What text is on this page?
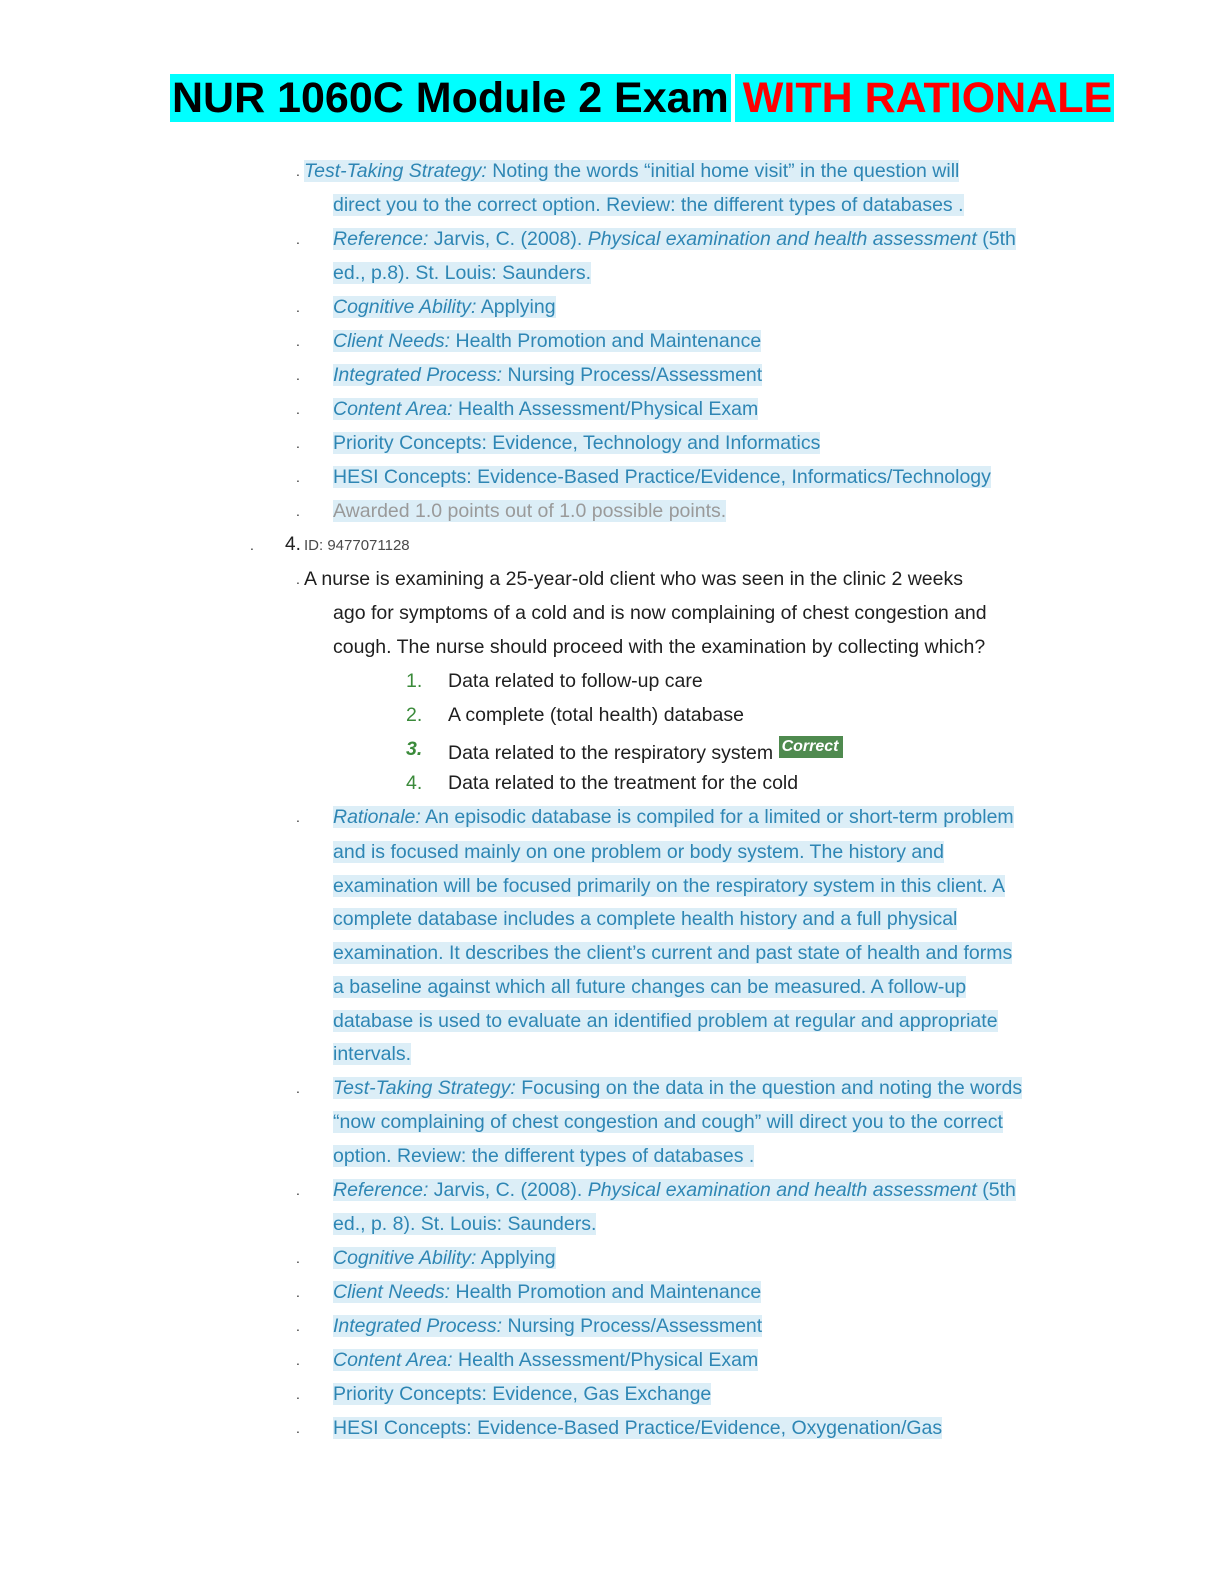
NUR 1060C Module 2 Exam WITH RATIONALE
. Test-Taking Strategy: Noting the words “initial home visit” in the question will
direct you to the correct option. Review: the different types of databases .
. Reference: Jarvis, C. (2008). Physical examination and health assessment (5th
ed., p.8). St. Louis: Saunders.
. Cognitive Ability: Applying
. Client Needs: Health Promotion and Maintenance
. Integrated Process: Nursing Process/Assessment
. Content Area: Health Assessment/Physical Exam
. Priority Concepts: Evidence, Technology and Informatics
. HESI Concepts: Evidence-Based Practice/Evidence, Informatics/Technology
. Awarded 1.0 points out of 1.0 possible points.
. 4. ID: 9477071128
. A nurse is examining a 25-year-old client who was seen in the clinic 2 weeks
ago for symptoms of a cold and is now complaining of chest congestion and
cough. The nurse should proceed with the examination by collecting which?
1. Data related to follow-up care
2. A complete (total health) database
3. Data related to the respiratory system Correct
4. Data related to the treatment for the cold
. Rationale: An episodic database is compiled for a limited or short-term problem
and is focused mainly on one problem or body system. The history and
examination will be focused primarily on the respiratory system in this client. A
complete database includes a complete health history and a full physical
examination. It describes the client’s current and past state of health and forms
a baseline against which all future changes can be measured. A follow-up
database is used to evaluate an identified problem at regular and appropriate
intervals.
. Test-Taking Strategy: Focusing on the data in the question and noting the words
“now complaining of chest congestion and cough” will direct you to the correct
option. Review: the different types of databases .
. Reference: Jarvis, C. (2008). Physical examination and health assessment (5th
ed., p. 8). St. Louis: Saunders.
. Cognitive Ability: Applying
. Client Needs: Health Promotion and Maintenance
. Integrated Process: Nursing Process/Assessment
. Content Area: Health Assessment/Physical Exam
. Priority Concepts: Evidence, Gas Exchange
. HESI Concepts: Evidence-Based Practice/Evidence, Oxygenation/Gas
